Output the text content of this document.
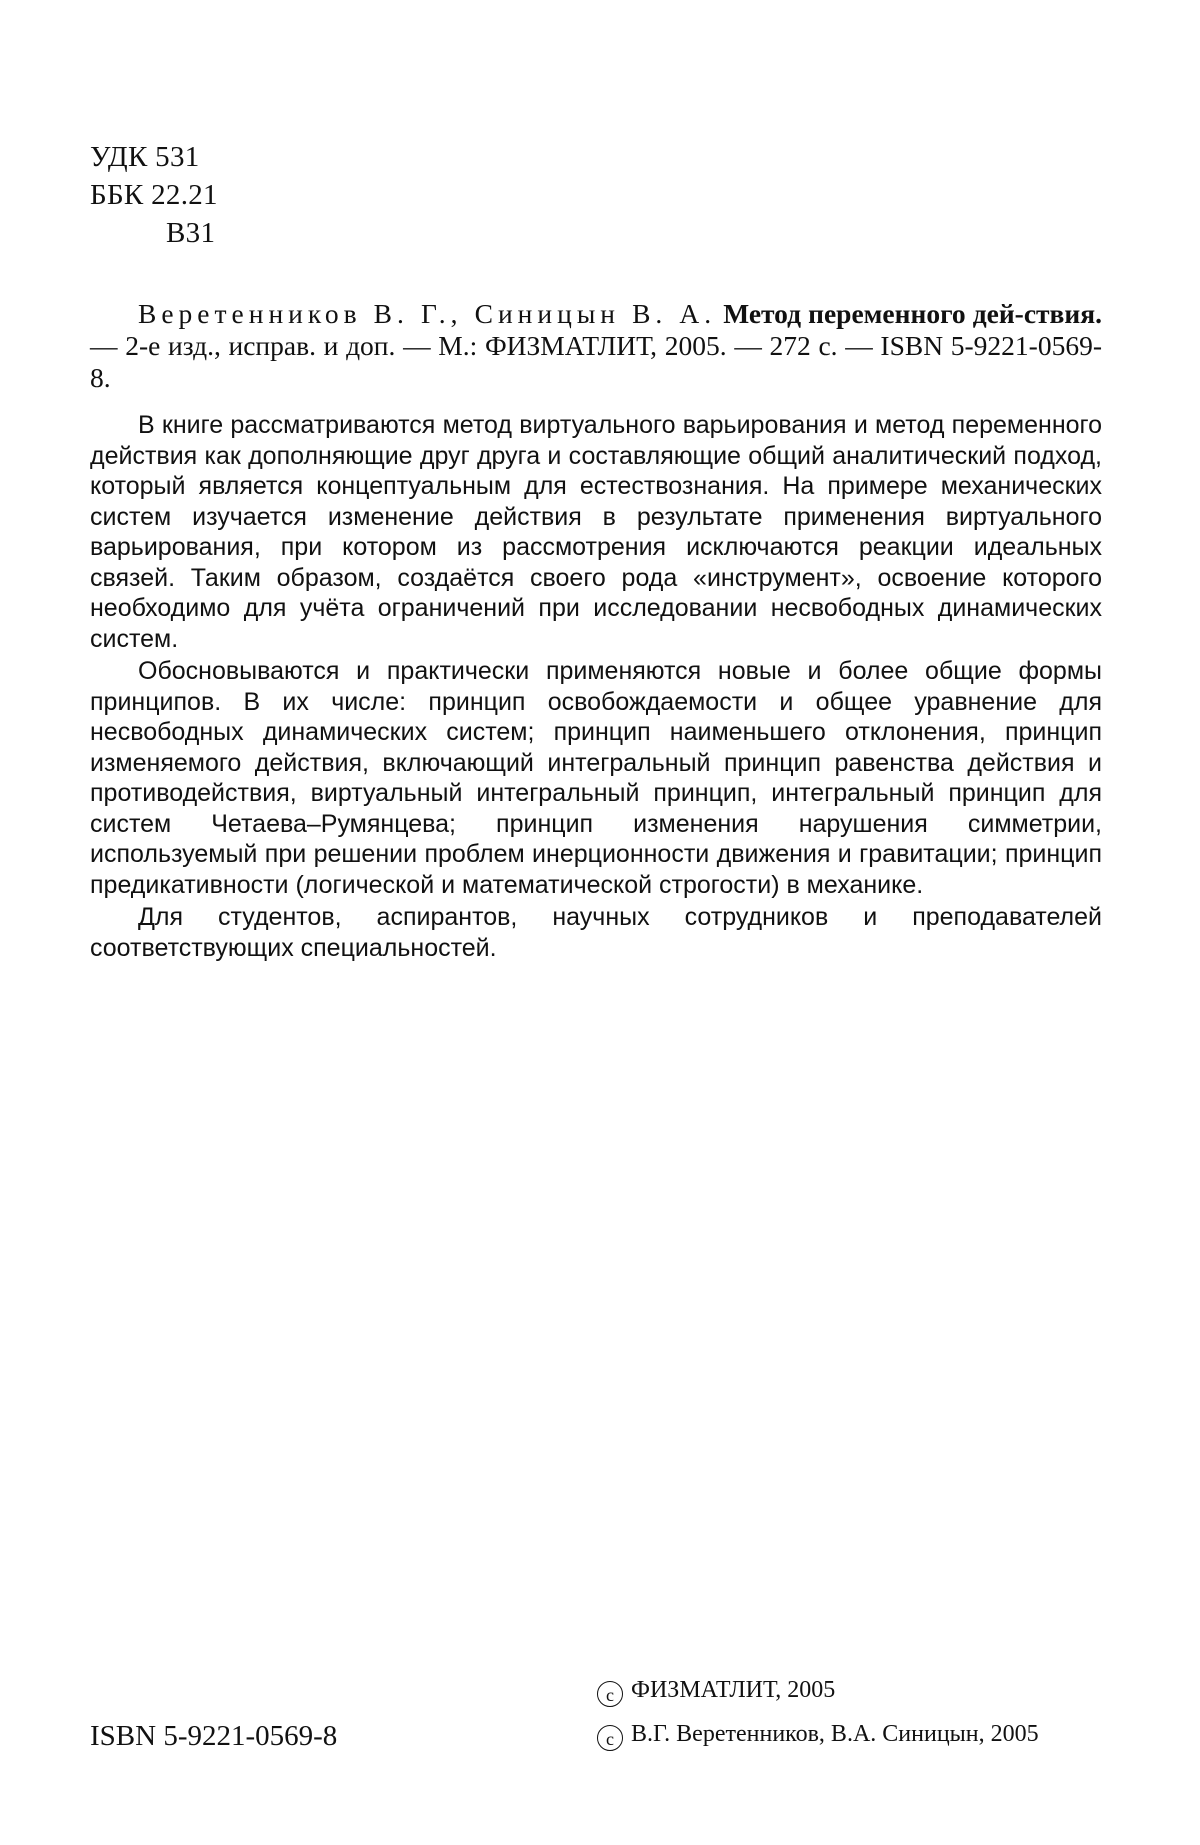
УДК 531
ББК 22.21
В31
Веретенников В. Г., Синицын В. А. Метод переменного дей-ствия. — 2-е изд., исправ. и доп. — М.: ФИЗМАТЛИТ, 2005. — 272 с. — ISBN 5-9221-0569-8.

В книге рассматриваются метод виртуального варьирования и метод переменного действия как дополняющие друг друга и составляющие общий аналитический подход, который является концептуальным для естествознания. На примере механических систем изучается изменение действия в результате применения виртуального варьирования, при котором из рассмотрения исключаются реакции идеальных связей. Таким образом, создаётся своего рода «инструмент», освоение которого необходимо для учёта ограничений при исследовании несвободных динамических систем.

Обосновываются и практически применяются новые и более общие формы принципов. В их числе: принцип освобождаемости и общее уравнение для несвободных динамических систем; принцип наименьшего отклонения, принцип изменяемого действия, включающий интегральный принцип равенства действия и противодействия, виртуальный интегральный принцип, интегральный принцип для систем Четаева–Румянцева; принцип изменения нарушения симметрии, используемый при решении проблем инерционности движения и гравитации; принцип предикативности (логической и математической строгости) в механике.

Для студентов, аспирантов, научных сотрудников и преподавателей соответствующих специальностей.

ISBN 5-9221-0569-8
c ФИЗМАТЛИТ, 2005
c В.Г. Веретенников, В.А. Синицын, 2005
